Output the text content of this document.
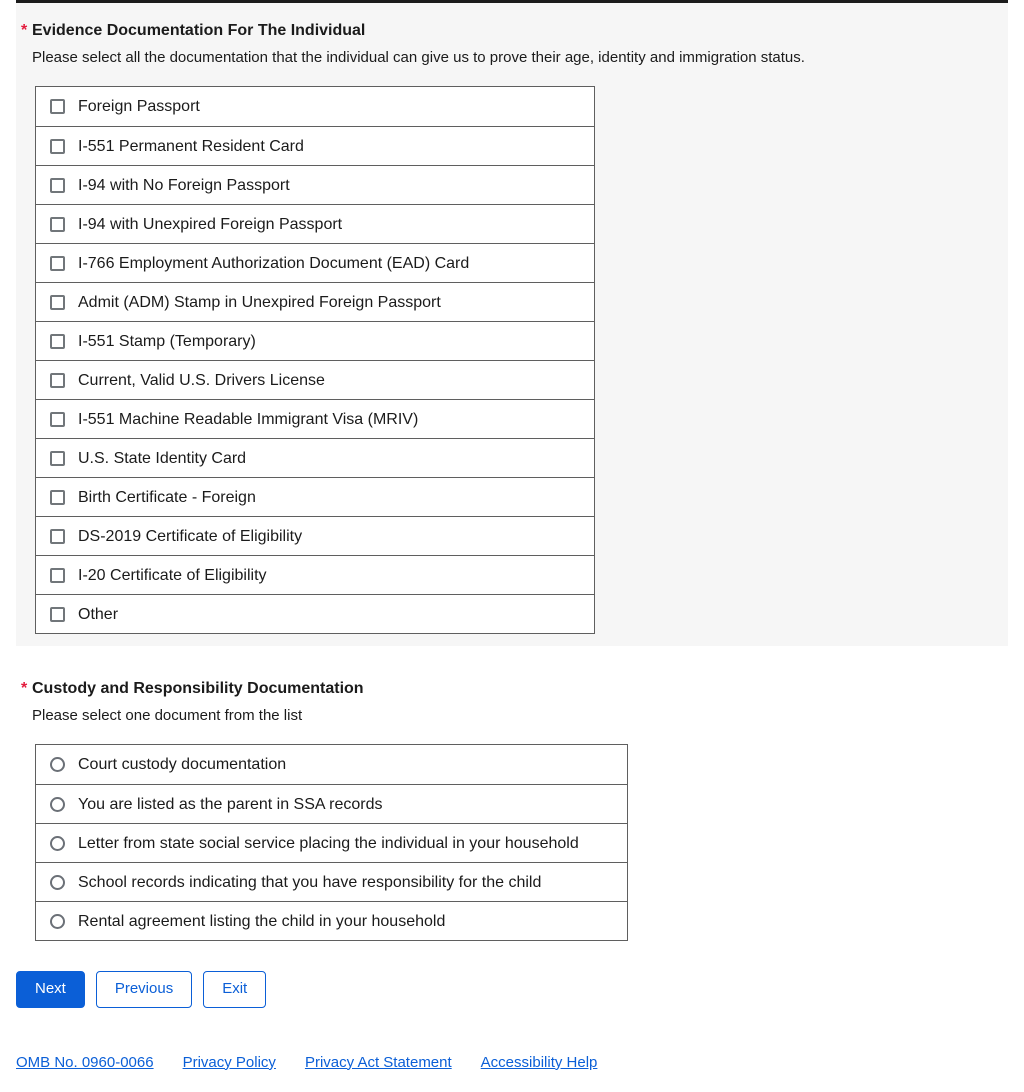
* Evidence Documentation For The Individual

Please select all the documentation that the individual can give us to prove their age, identity and immigration status.

Foreign Passport
I-551 Permanent Resident Card
I-94 with No Foreign Passport
I-94 with Unexpired Foreign Passport
I-766 Employment Authorization Document (EAD) Card
Admit (ADM) Stamp in Unexpired Foreign Passport
I-551 Stamp (Temporary)
Current, Valid U.S. Drivers License
I-551 Machine Readable Immigrant Visa (MRIV)
U.S. State Identity Card
Birth Certificate - Foreign
DS-2019 Certificate of Eligibility
I-20 Certificate of Eligibility
Other
* Custody and Responsibility Documentation

Please select one document from the list

Court custody documentation
You are listed as the parent in SSA records
Letter from state social service placing the individual in your household
School records indicating that you have responsibility for the child
Rental agreement listing the child in your household
Next	Previous	Exit
OMB No. 0960-0066 Privacy Policy Privacy Act Statement Accessibility Help
